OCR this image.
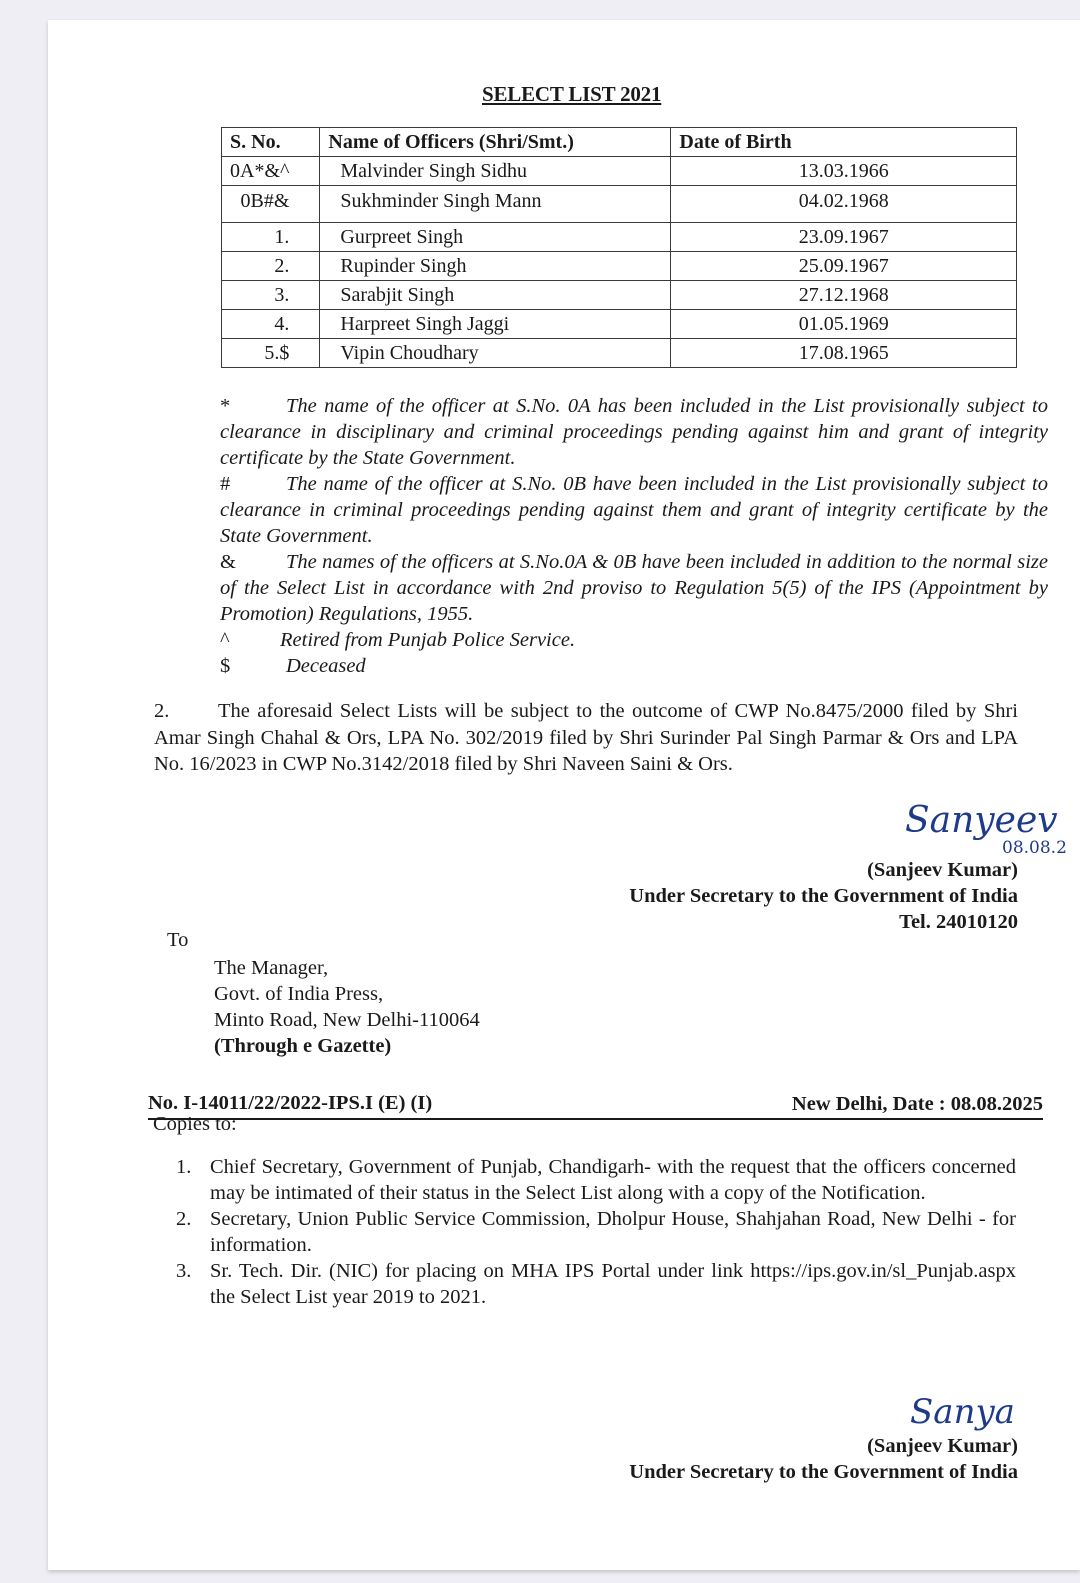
SELECT LIST 2021
S. No.	Name of Officers (Shri/Smt.)	Date of Birth
0A*&^	Malvinder Singh Sidhu	13.03.1966
0B#&	Sukhminder Singh Mann	04.02.1968
1.	Gurpreet Singh	23.09.1967
2.	Rupinder Singh	25.09.1967
3.	Sarabjit Singh	27.12.1968
4.	Harpreet Singh Jaggi	01.05.1969
5.$	Vipin Choudhary	17.08.1965

*	The name of the officer at S.No. 0A has been included in the List provisionally subject to clearance in disciplinary and criminal proceedings pending against him and grant of integrity certificate by the State Government.

#	The name of the officer at S.No. 0B have been included in the List provisionally subject to clearance in criminal proceedings pending against them and grant of integrity certificate by the State Government.

& The names of the officers at S.No.0A & 0B have been included in addition to the normal size of the Select List in accordance with 2nd proviso to Regulation 5(5) of the IPS (Appointment by Promotion) Regulations, 1955.

^ Retired from Punjab Police Service.

$	Deceased

2. The aforesaid Select Lists will be subject to the outcome of CWP No.8475/2000 filed by Shri Amar Singh Chahal & Ors, LPA No. 302/2019 filed by Shri Surinder Pal Singh Parmar & Ors and LPA No. 16/2023 in CWP No.3142/2018 filed by Shri Naveen Saini & Ors.
Sanyeev
08.08.2
(Sanjeev Kumar)
Under Secretary to the Government of India
Tel. 24010120
To
The Manager,
Govt. of India Press,
Minto Road, New Delhi-110064
(Through e Gazette)
No. I-14011/22/2022-IPS.I (E) (I)	New Delhi, Date : 08.08.2025
Copies to:
1. Chief Secretary, Government of Punjab, Chandigarh- with the request that the officers concerned may be intimated of their status in the Select List along with a copy of the Notification.
2. Secretary, Union Public Service Commission, Dholpur House, Shahjahan Road, New Delhi - for information.
3. Sr. Tech. Dir. (NIC) for placing on MHA IPS Portal under link https://ips.gov.in/sl_Punjab.aspx the Select List year 2019 to 2021.
Sanya
(Sanjeev Kumar)
Under Secretary to the Government of India
